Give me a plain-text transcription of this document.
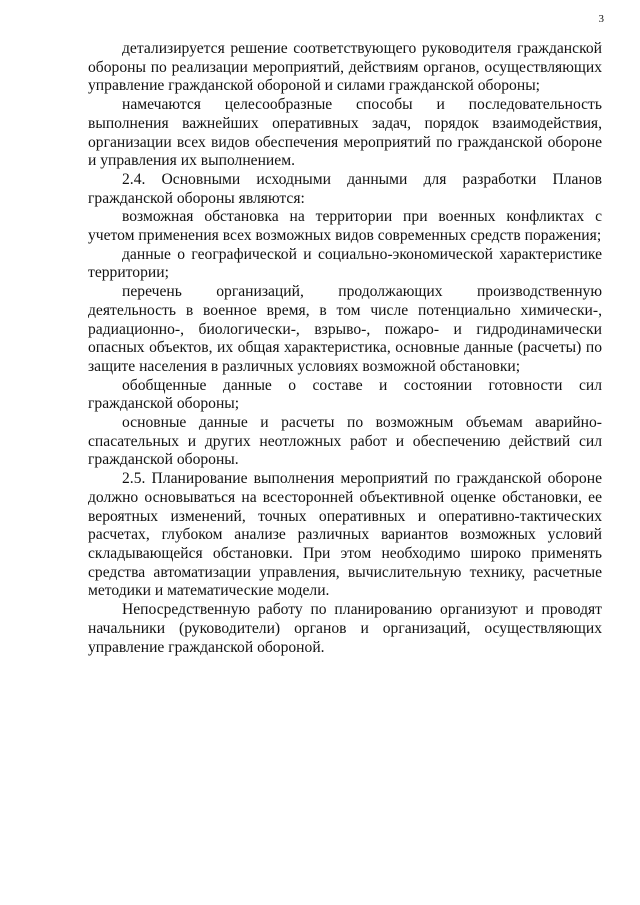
3

детализируется решение соответствующего руководителя гражданской обороны по реализации мероприятий, действиям органов, осуществляющих управление гражданской обороной и силами гражданской обороны;

намечаются целесообразные способы и последовательность выполнения важнейших оперативных задач, порядок взаимодействия, организации всех видов обеспечения мероприятий по гражданской обороне и управления их выполнением.

2.4. Основными исходными данными для разработки Планов гражданской обороны являются:

возможная обстановка на территории при военных конфликтах с учетом применения всех возможных видов современных средств поражения;

данные о географической и социально-экономической характеристике территории;

перечень организаций, продолжающих производственную деятельность в военное время, в том числе потенциально химически-, радиационно-, биологически-, взрыво-, пожаро- и гидродинамически опасных объектов, их общая характеристика, основные данные (расчеты) по защите населения в различных условиях возможной обстановки;

обобщенные данные о составе и состоянии готовности сил гражданской обороны;

основные данные и расчеты по возможным объемам аварийно-спасательных и других неотложных работ и обеспечению действий сил гражданской обороны.

2.5. Планирование выполнения мероприятий по гражданской обороне должно основываться на всесторонней объективной оценке обстановки, ее вероятных изменений, точных оперативных и оперативно-тактических расчетах, глубоком анализе различных вариантов возможных условий складывающейся обстановки. При этом необходимо широко применять средства автоматизации управления, вычислительную технику, расчетные методики и математические модели.

Непосредственную работу по планированию организуют и проводят начальники (руководители) органов и организаций, осуществляющих управление гражданской обороной.
